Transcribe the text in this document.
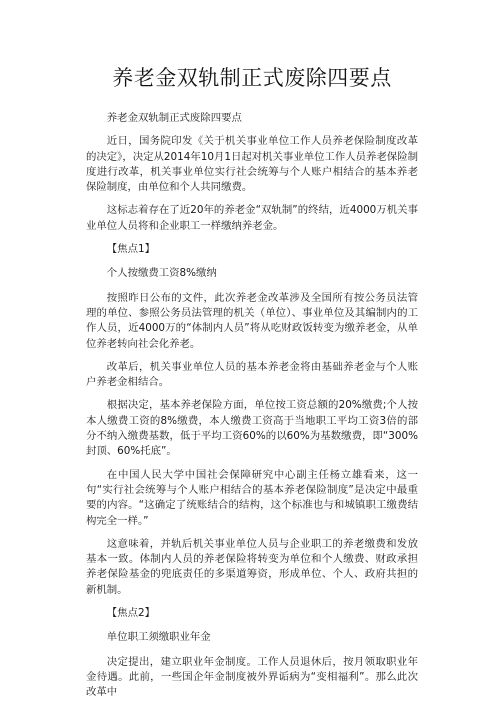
养老金双轨制正式废除四要点

养老金双轨制正式废除四要点

近日，国务院印发《关于机关事业单位工作人员养老保险制度改革的决定》，决定从2014年10月1日起对机关事业单位工作人员养老保险制度进行改革，机关事业单位实行社会统筹与个人账户相结合的基本养老保险制度，由单位和个人共同缴费。

这标志着存在了近20年的养老金“双轨制”的终结，近4000万机关事业单位人员将和企业职工一样缴纳养老金。

【焦点1】

个人按缴费工资8%缴纳

按照昨日公布的文件，此次养老金改革涉及全国所有按公务员法管理的单位、参照公务员法管理的机关（单位）、事业单位及其编制内的工作人员，近4000万的“体制内人员”将从吃财政饭转变为缴养老金，从单位养老转向社会化养老。

改革后，机关事业单位人员的基本养老金将由基础养老金与个人账户养老金相结合。

根据决定，基本养老保险方面，单位按工资总额的20%缴费;个人按本人缴费工资的8%缴费，本人缴费工资高于当地职工平均工资3倍的部分不纳入缴费基数，低于平均工资60%的以60%为基数缴费，即“300%封顶、60%托底”。

在中国人民大学中国社会保障研究中心副主任杨立雄看来，这一句“实行社会统筹与个人账户相结合的基本养老保险制度”是决定中最重要的内容。“这确定了统账结合的结构，这个标准也与和城镇职工缴费结构完全一样。”

这意味着，并轨后机关事业单位人员与企业职工的养老缴费和发放基本一致。体制内人员的养老保险将转变为单位和个人缴费、财政承担养老保险基金的兜底责任的多渠道筹资，形成单位、个人、政府共担的新机制。

【焦点2】

单位职工须缴职业年金

决定提出，建立职业年金制度。工作人员退休后，按月领取职业年金待遇。此前，一些国企年金制度被外界诟病为“变相福利”。那么此次改革中
